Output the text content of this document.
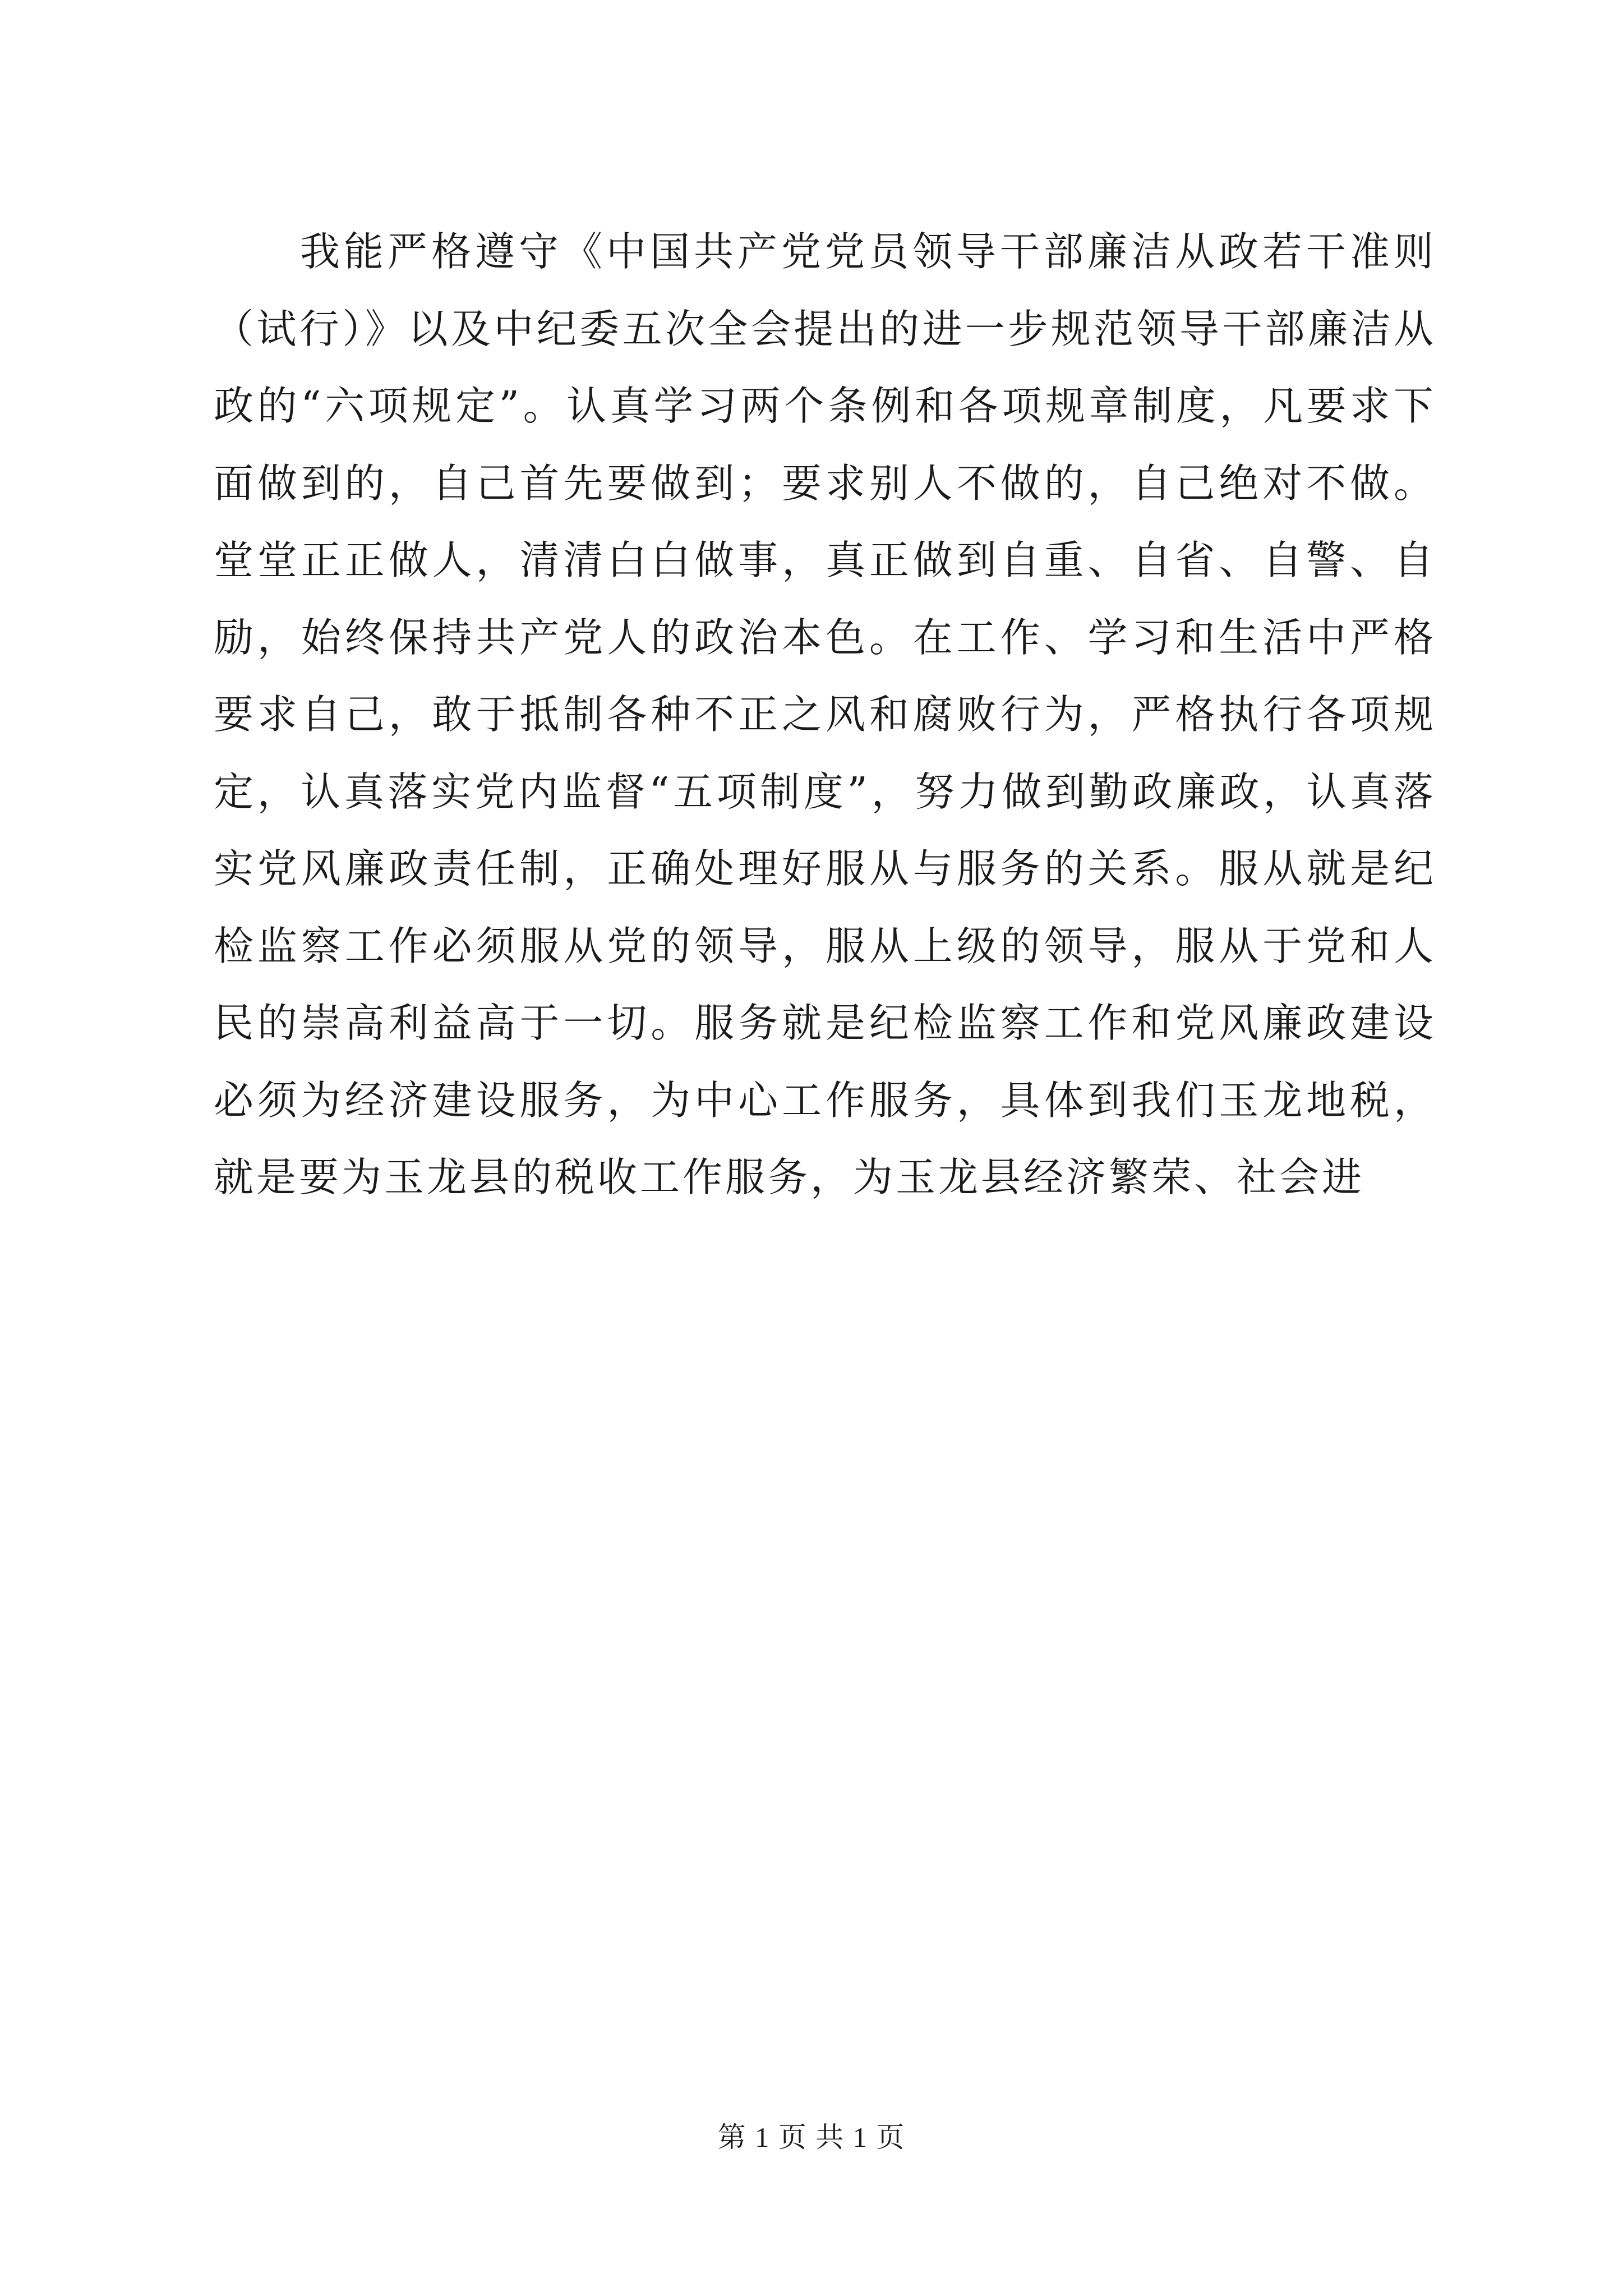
我能严格遵守《中国共产党党员领导干部廉洁从政若干准则（试行）》以及中纪委五次全会提出的进一步规范领导干部廉洁从政的“六项规定”。认真学习两个条例和各项规章制度，凡要求下面做到的，自己首先要做到；要求别人不做的，自己绝对不做。堂堂正正做人，清清白白做事，真正做到自重、自省、自警、自励，始终保持共产党人的政治本色。在工作、学习和生活中严格要求自己，敢于抵制各种不正之风和腐败行为，严格执行各项规定，认真落实党内监督“五项制度”，努力做到勤政廉政，认真落实党风廉政责任制，正确处理好服从与服务的关系。服从就是纪检监察工作必须服从党的领导，服从上级的领导，服从于党和人民的崇高利益高于一切。服务就是纪检监察工作和党风廉政建设必须为经济建设服务，为中心工作服务，具体到我们玉龙地税，就是要为玉龙县的税收工作服务，为玉龙县经济繁荣、社会进

第 1 页 共 1 页
